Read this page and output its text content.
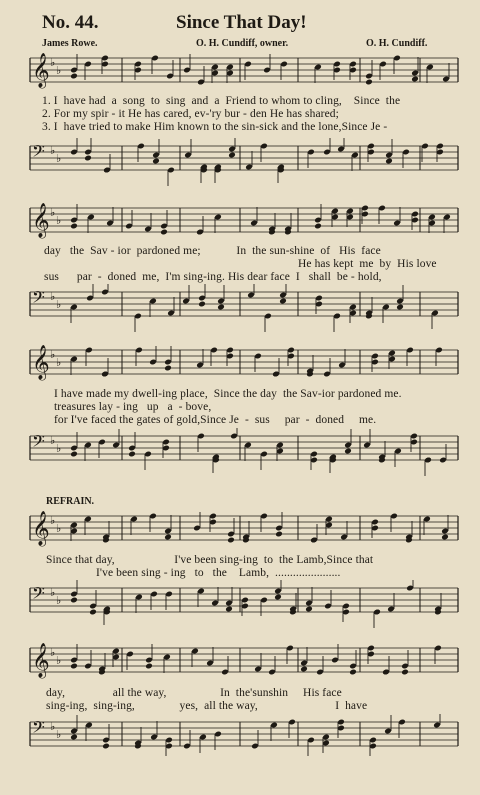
No. 44.	Since That Day!
James Rowe.	O. H. Cundiff, owner.	O. H. Cundiff.
𝄞 ♭
♭
1. I  have had  a  song  to  sing  and  a  Friend to whom to cling,    Since  the
2. For my spir - it He has cared, ev-'ry bur - den He has shared;
3. I  have tried to make Him known to the sin-sick and the lone,Since Je -
𝄢 ♭
♭
𝄞 ♭
♭
day   the  Sav - ior  pardoned me;            In  the sun-shine  of   His  face
He has kept  me  by  His love
sus      par  -  doned  me,  I'm sing-ing. His dear face  I   shall  be - hold,
𝄢 ♭
♭
𝄞 ♭
♭
I have made my dwell-ing place,  Since the day  the Sav-ior pardoned me.
treasures lay - ing   up   a  - bove,
for I've faced the gates of gold,Since Je  -  sus     par  -  doned     me.
𝄢 ♭
♭
REFRAIN.
𝄞 ♭
♭
Since that day,                    I've been sing-ing  to  the Lamb,Since that
I've been sing - ing   to   the    Lamb,  ......................
𝄢 ♭
♭
𝄞 ♭
♭
day,                all the way,                  In  the'sunshin     His face
sing-ing,  sing-ing,               yes,  all the way,                          I  have
𝄢 ♭
♭
